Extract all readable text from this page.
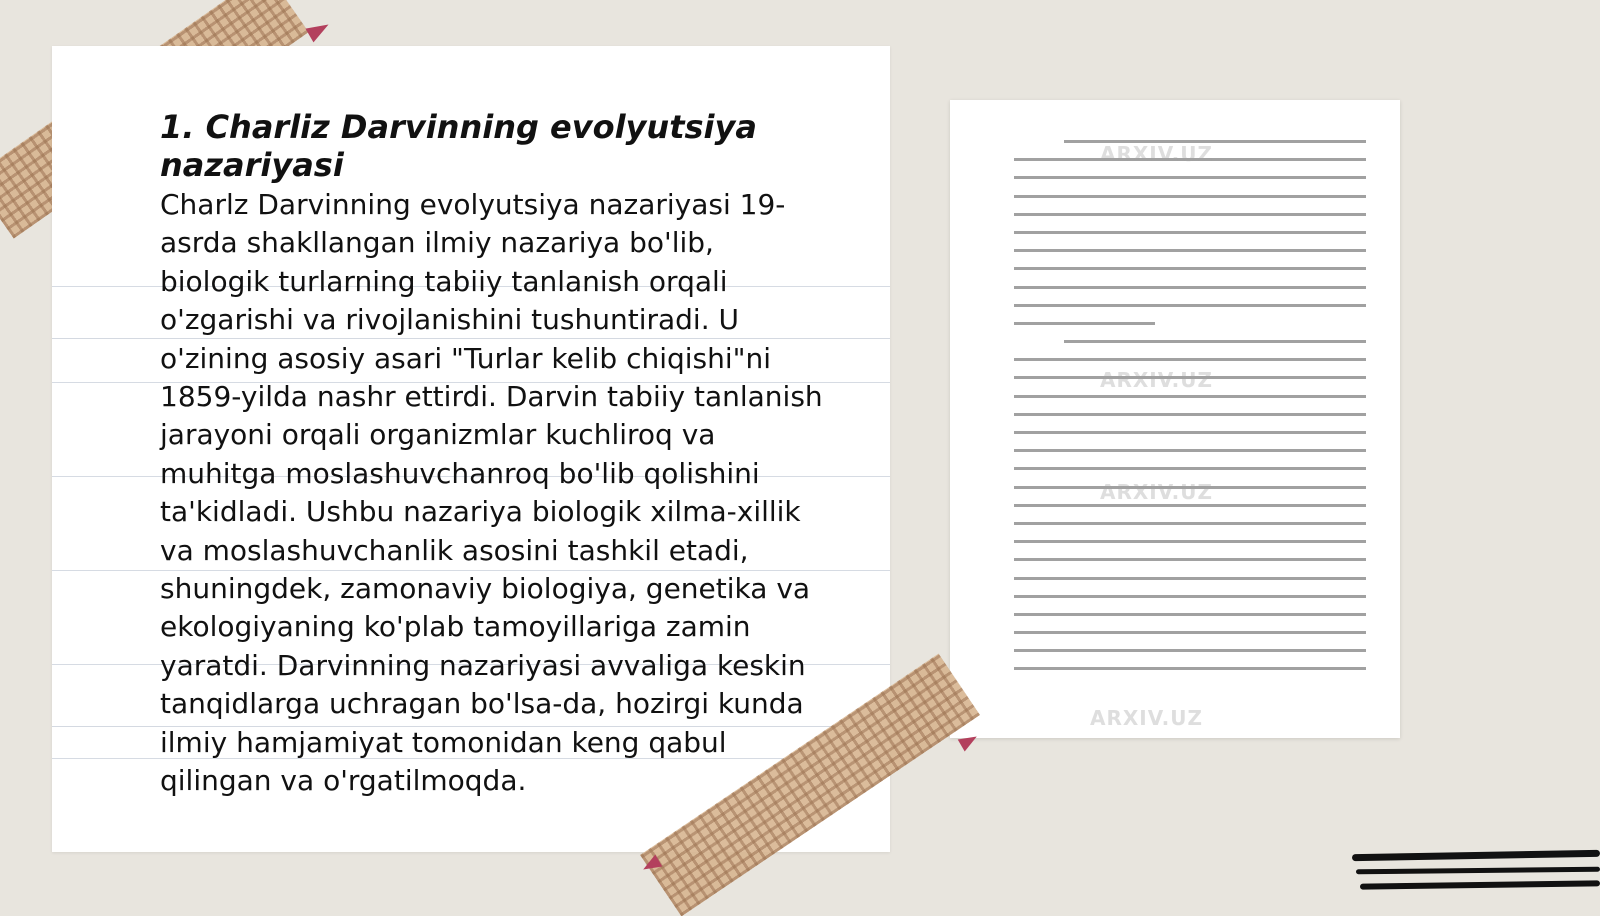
1. Charliz Darvinning evolyutsiya nazariyasi

Charlz Darvinning evolyutsiya nazariyasi 19-asrda shakllangan ilmiy nazariya bo'lib, biologik turlarning tabiiy tanlanish orqali o'zgarishi va rivojlanishini tushuntiradi. U o'zining asosiy asari "Turlar kelib chiqishi"ni 1859-yilda nashr ettirdi. Darvin tabiiy tanlanish jarayoni orqali organizmlar kuchliroq va muhitga moslashuvchanroq bo'lib qolishini ta'kidladi. Ushbu nazariya biologik xilma-xillik va moslashuvchanlik asosini tashkil etadi, shuningdek, zamonaviy biologiya, genetika va ekologiyaning ko'plab tamoyillariga zamin yaratdi. Darvinning nazariyasi avvaliga keskin tanqidlarga uchragan bo'lsa-da, hozirgi kunda ilmiy hamjamiyat tomonidan keng qabul qilingan va o'rgatilmoqda.

ARXIV.UZ
ARXIV.UZ
ARXIV.UZ
ARXIV.UZ
